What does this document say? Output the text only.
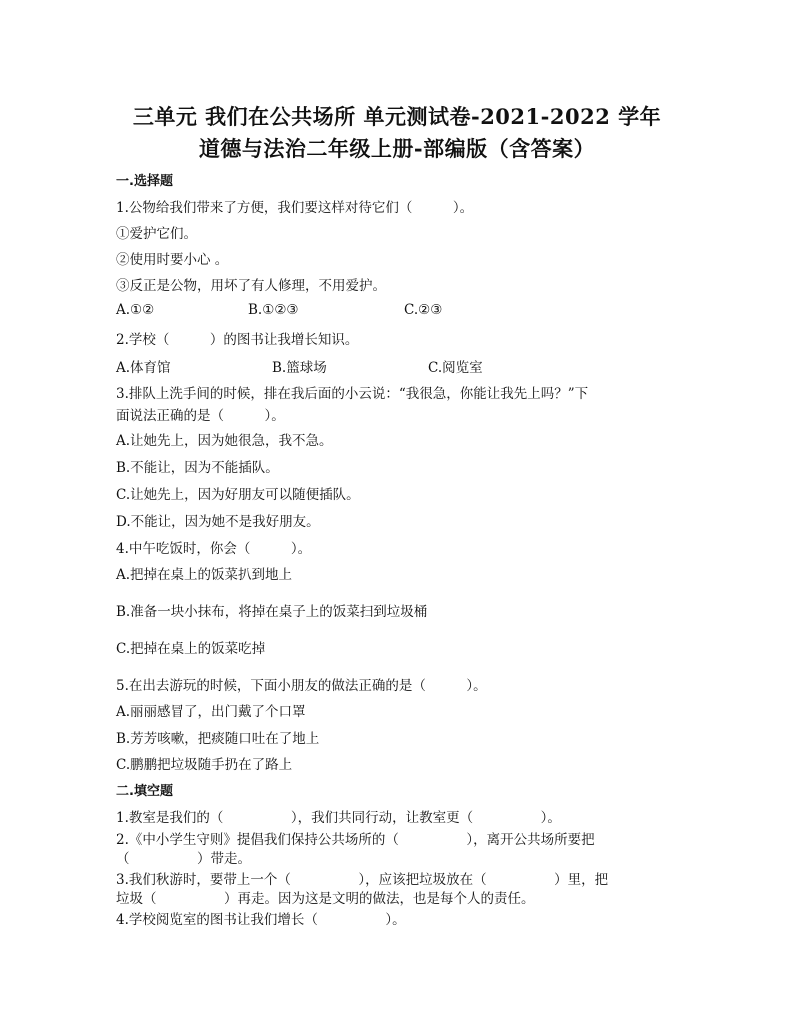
三单元 我们在公共场所 单元测试卷-2021-2022 学年
道德与法治二年级上册-部编版（含答案）
一.选择题
1.公物给我们带来了方便，我们要这样对待它们（　　　）。
①爱护它们。
②使用时要小心 。
③反正是公物，用坏了有人修理，不用爱护。
A.①②	B.①②③	C.②③
2.学校（　　　）的图书让我增长知识。
A.体育馆	B.篮球场	C.阅览室
3.排队上洗手间的时候，排在我后面的小云说：“我很急，你能让我先上吗？”下
面说法正确的是（　　　）。
A.让她先上，因为她很急，我不急。
B.不能让，因为不能插队。
C.让她先上，因为好朋友可以随便插队。
D.不能让，因为她不是我好朋友。
4.中午吃饭时，你会（　　　）。
A.把掉在桌上的饭菜扒到地上
B.准备一块小抹布，将掉在桌子上的饭菜扫到垃圾桶
C.把掉在桌上的饭菜吃掉
5.在出去游玩的时候，下面小朋友的做法正确的是（　　　）。
A.丽丽感冒了，出门戴了个口罩
B.芳芳咳嗽，把痰随口吐在了地上
C.鹏鹏把垃圾随手扔在了路上
二.填空题
1.教室是我们的（　　　　　），我们共同行动，让教室更（　　　　　）。
2.《中小学生守则》提倡我们保持公共场所的（　　　　　），离开公共场所要把
（　　　　　）带走。
3.我们秋游时，要带上一个（　　　　　），应该把垃圾放在（　　　　　）里，把
垃圾（　　　　　）再走。因为这是文明的做法，也是每个人的责任。
4.学校阅览室的图书让我们增长（　　　　　）。
